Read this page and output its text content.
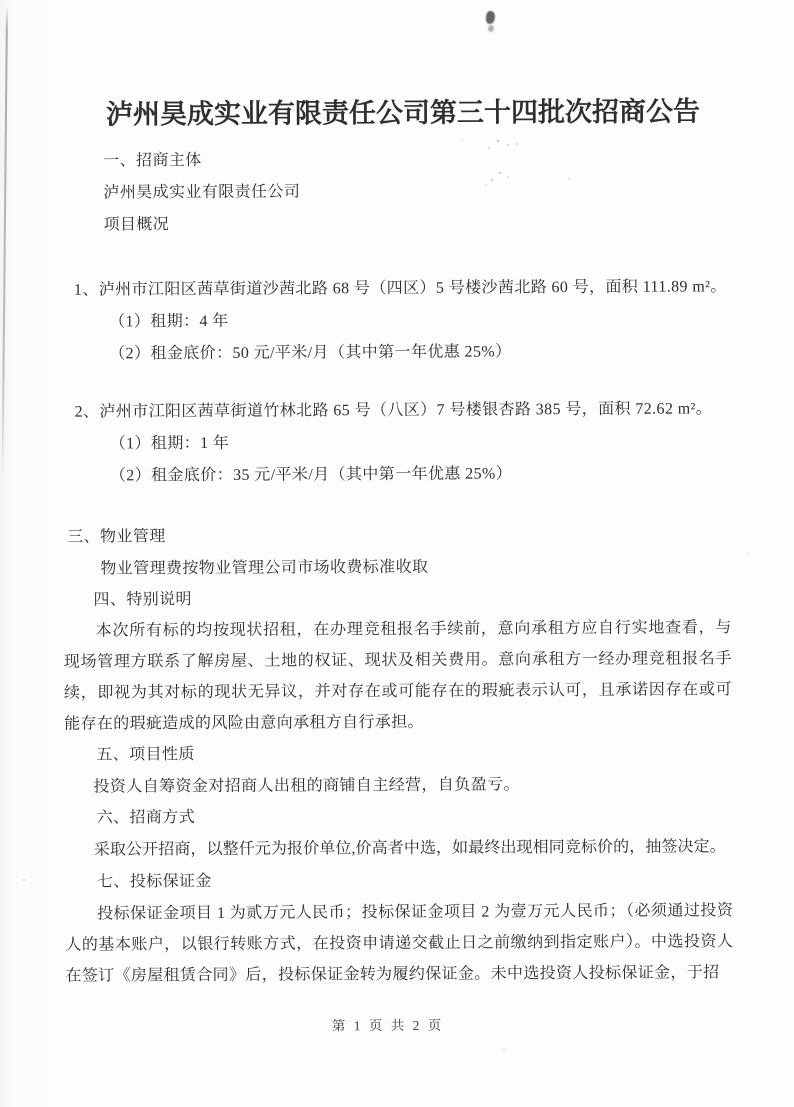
泸州昊成实业有限责任公司第三十四批次招商公告
一、招商主体
泸州昊成实业有限责任公司
项目概况
1、泸州市江阳区茜草街道沙茜北路 68 号（四区）5 号楼沙茜北路 60 号，面积 111.89 m²。
（1）租期：4 年
（2）租金底价：50 元/平米/月（其中第一年优惠 25%）
2、泸州市江阳区茜草街道竹林北路 65 号（八区）7 号楼银杏路 385 号，面积 72.62 m²。
（1）租期：1 年
（2）租金底价：35 元/平米/月（其中第一年优惠 25%）
三、物业管理
物业管理费按物业管理公司市场收费标准收取
四、特别说明
本次所有标的均按现状招租，在办理竞租报名手续前，意向承租方应自行实地查看，与现场管理方联系了解房屋、土地的权证、现状及相关费用。意向承租方一经办理竞租报名手续，即视为其对标的现状无异议，并对存在或可能存在的瑕疵表示认可，且承诺因存在或可能存在的瑕疵造成的风险由意向承租方自行承担。
五、项目性质
投资人自筹资金对招商人出租的商铺自主经营，自负盈亏。
六、招商方式
采取公开招商，以整仟元为报价单位,价高者中选，如最终出现相同竞标价的，抽签决定。
七、投标保证金
投标保证金项目 1 为贰万元人民币；投标保证金项目 2 为壹万元人民币；（必须通过投资人的基本账户，以银行转账方式，在投资申请递交截止日之前缴纳到指定账户）。中选投资人在签订《房屋租赁合同》后，投标保证金转为履约保证金。未中选投资人投标保证金，于招
第 1 页 共 2 页
